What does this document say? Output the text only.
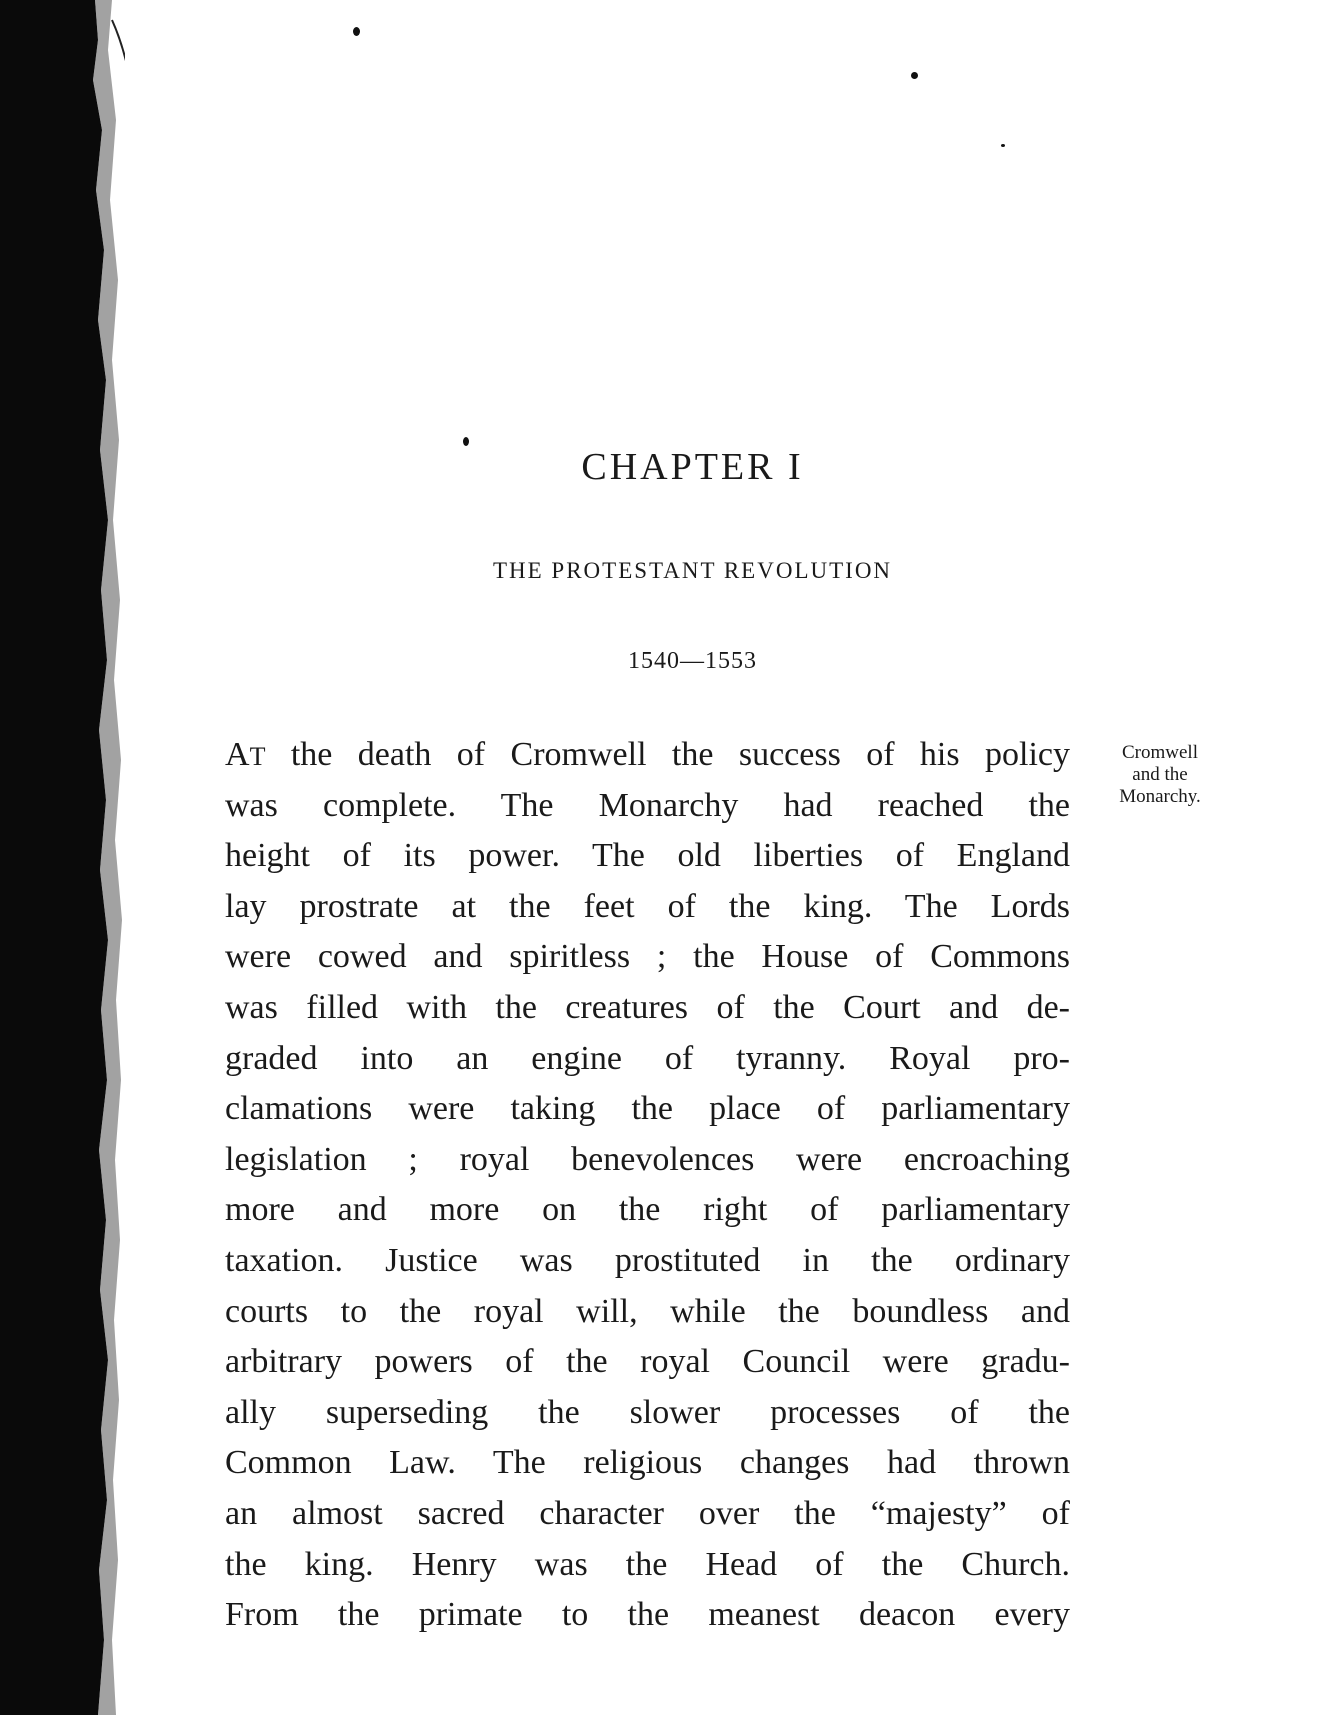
CHAPTER I
THE PROTESTANT REVOLUTION
1540—1553
Cromwell
and the
Monarchy.
AT the death of Cromwell the success of his policy
was complete. The Monarchy had reached the
height of its power. The old liberties of England
lay prostrate at the feet of the king. The Lords
were cowed and spiritless ; the House of Commons
was filled with the creatures of the Court and de-
graded into an engine of tyranny. Royal pro-
clamations were taking the place of parliamentary
legislation ; royal benevolences were encroaching
more and more on the right of parliamentary
taxation. Justice was prostituted in the ordinary
courts to the royal will, while the boundless and
arbitrary powers of the royal Council were gradu-
ally superseding the slower processes of the
Common Law. The religious changes had thrown
an almost sacred character over the “majesty” of
the king. Henry was the Head of the Church.
From the primate to the meanest deacon every
